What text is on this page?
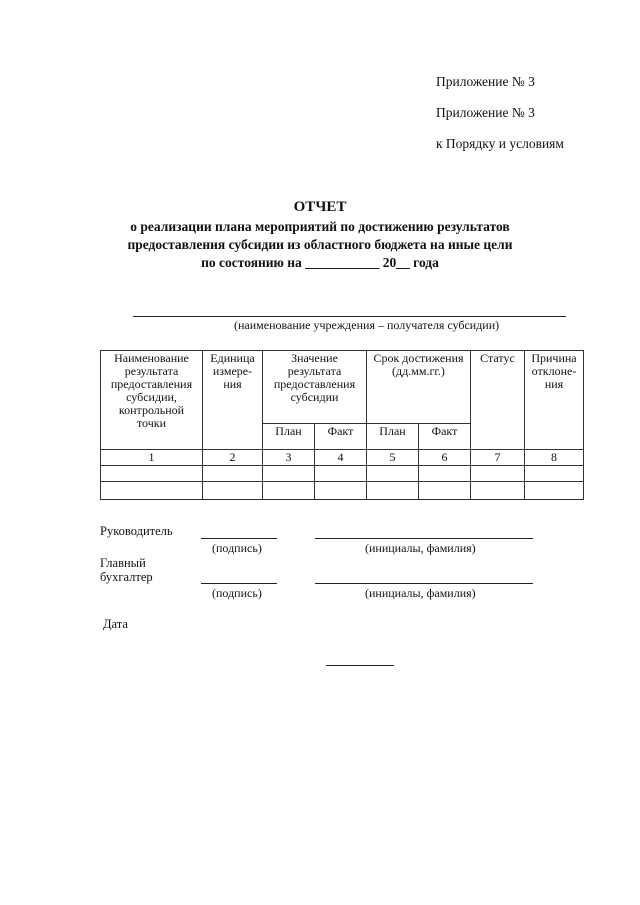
Приложение № 3
Приложение № 3
к Порядку и условиям
ОТЧЕТ
о реализации плана мероприятий по достижению результатов
предоставления субсидии из областного бюджета на иные цели
по состоянию на ___________ 20__ года
(наименование учреждения – получателя субсидии)
Наименование результата предоставления субсидии, контрольной точки	Единица измере-ния	Значение результата предоставления субсидии		Срок достижения (дд.мм.гг.)		Статус	Причина отклоне-ния
		План	Факт	План	Факт		
1	2	3	4	5	6	7	8

Руководитель
(подпись)	(инициалы, фамилия)
Главный
бухгалтер
(подпись)	(инициалы, фамилия)
Дата
